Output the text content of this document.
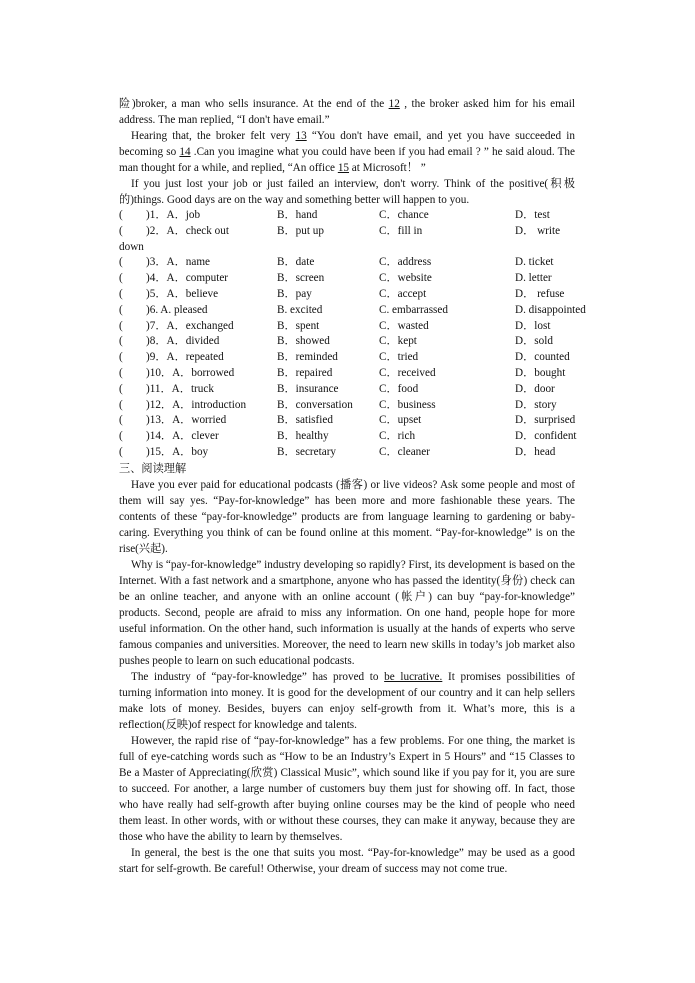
险)broker, a man who sells insurance. At the end of the 12 , the broker asked him for his email address. The man replied, “I don't have email.”

Hearing that, the broker felt very 13 “You don't have email, and yet you have succeeded in becoming so 14 .Can you imagine what you could have been if you had email ? ” he said aloud. The man thought for a while, and replied, “An office 15 at Microsoft！ ”

If you just lost your job or just failed an interview, don't worry. Think of the positive(积极的)things. Good days are on the way and something better will happen to you.

( )1．A．job	B．hand	C．chance	D．test
( )2．A．check out	B．put up	C．fill in	D． write
down
( )3．A．name	B．date	C．address	D. ticket
( )4．A．computer	B．screen	C．website	D. letter
( )5．A．believe	B．pay	C．accept	D． refuse
( )6. A. pleased	B. excited	C. embarrassed	D. disappointed
( )7．A．exchanged	B．spent	C．wasted	D．lost
( )8．A．divided	B．showed	C．kept	D．sold
( )9．A．repeated	B．reminded	C．tried	D．counted
( )10．A．borrowed	B．repaired	C．received	D．bought
( )11．A．truck	B．insurance	C．food	D．door
( )12．A．introduction	B．conversation C．business	D．story
( )13．A．worried	B．satisfied	C．upset	D．surprised
( )14．A．clever	B．healthy	C．rich	D．confident
( )15．A．boy	B．secretary	C．cleaner	D．head

三、阅读理解

Have you ever paid for educational podcasts (播客) or live videos? Ask some people and most of them will say yes. “Pay-for-knowledge” has been more and more fashionable these years. The contents of these “pay-for-knowledge” products are from language learning to gardening or baby-caring. Everything you think of can be found online at this moment. “Pay-for-knowledge” is on the rise(兴起).

Why is “pay-for-knowledge” industry developing so rapidly? First, its development is based on the Internet. With a fast network and a smartphone, anyone who has passed the identity(身份) check can be an online teacher, and anyone with an online account (帐户) can buy “pay-for-knowledge” products. Second, people are afraid to miss any information. On one hand, people hope for more useful information. On the other hand, such information is usually at the hands of experts who serve famous companies and universities. Moreover, the need to learn new skills in today’s job market also pushes people to learn on such educational podcasts.

The industry of “pay-for-knowledge” has proved to be lucrative. It promises possibilities of turning information into money. It is good for the development of our country and it can help sellers make lots of money. Besides, buyers can enjoy self-growth from it. What’s more, this is a reflection(反映)of respect for knowledge and talents.

However, the rapid rise of “pay-for-knowledge” has a few problems. For one thing, the market is full of eye-catching words such as “How to be an Industry’s Expert in 5 Hours” and “15 Classes to Be a Master of Appreciating(欣赏) Classical Music”, which sound like if you pay for it, you are sure to succeed. For another, a large number of customers buy them just for showing off. In fact, those who have really had self-growth after buying online courses may be the kind of people who need them least. In other words, with or without these courses, they can make it anyway, because they are those who have the ability to learn by themselves.

In general, the best is the one that suits you most. “Pay-for-knowledge” may be used as a good start for self-growth. Be careful! Otherwise, your dream of success may not come true.
